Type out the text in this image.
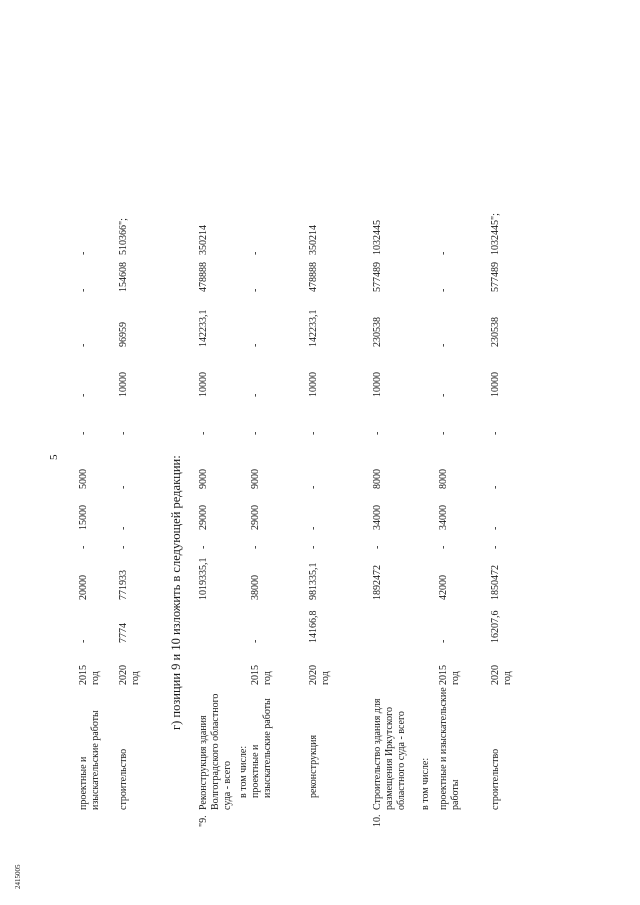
2415005
5	г) позиции 9 и 10 изложить в следующей редакции:
проектные и изыскательские работы
2015 год
-
20000
-
15000
5000
-
-
-
-
-
строительство
2020 год
7774
771933
-
-
-
-
10000
96959
154608
510366";
"9.
Реконструкция здания Волгоградского областного суда - всего
1019335,1
-
29000
9000
-
10000
142233,1
478888
350214
в том числе: проектные и изыскательские работы
2015 год
-
38000
-
29000
9000
-
-
-
-
-
реконструкция
2020 год
14166,8
981335,1
-
-
-
-
10000
142233,1
478888
350214
10.
Строительство здания для размещения Иркутского областного суда - всего
1892472
-
34000
8000
-
10000
230538
577489
1032445
в том числе: проектные и изыскательские работы
2015 год
-
42000
-
34000
8000
-
-
-
-
-
строительство
2020 год
16207,6
1850472
-
-
-
-
10000
230538
577489
1032445";
